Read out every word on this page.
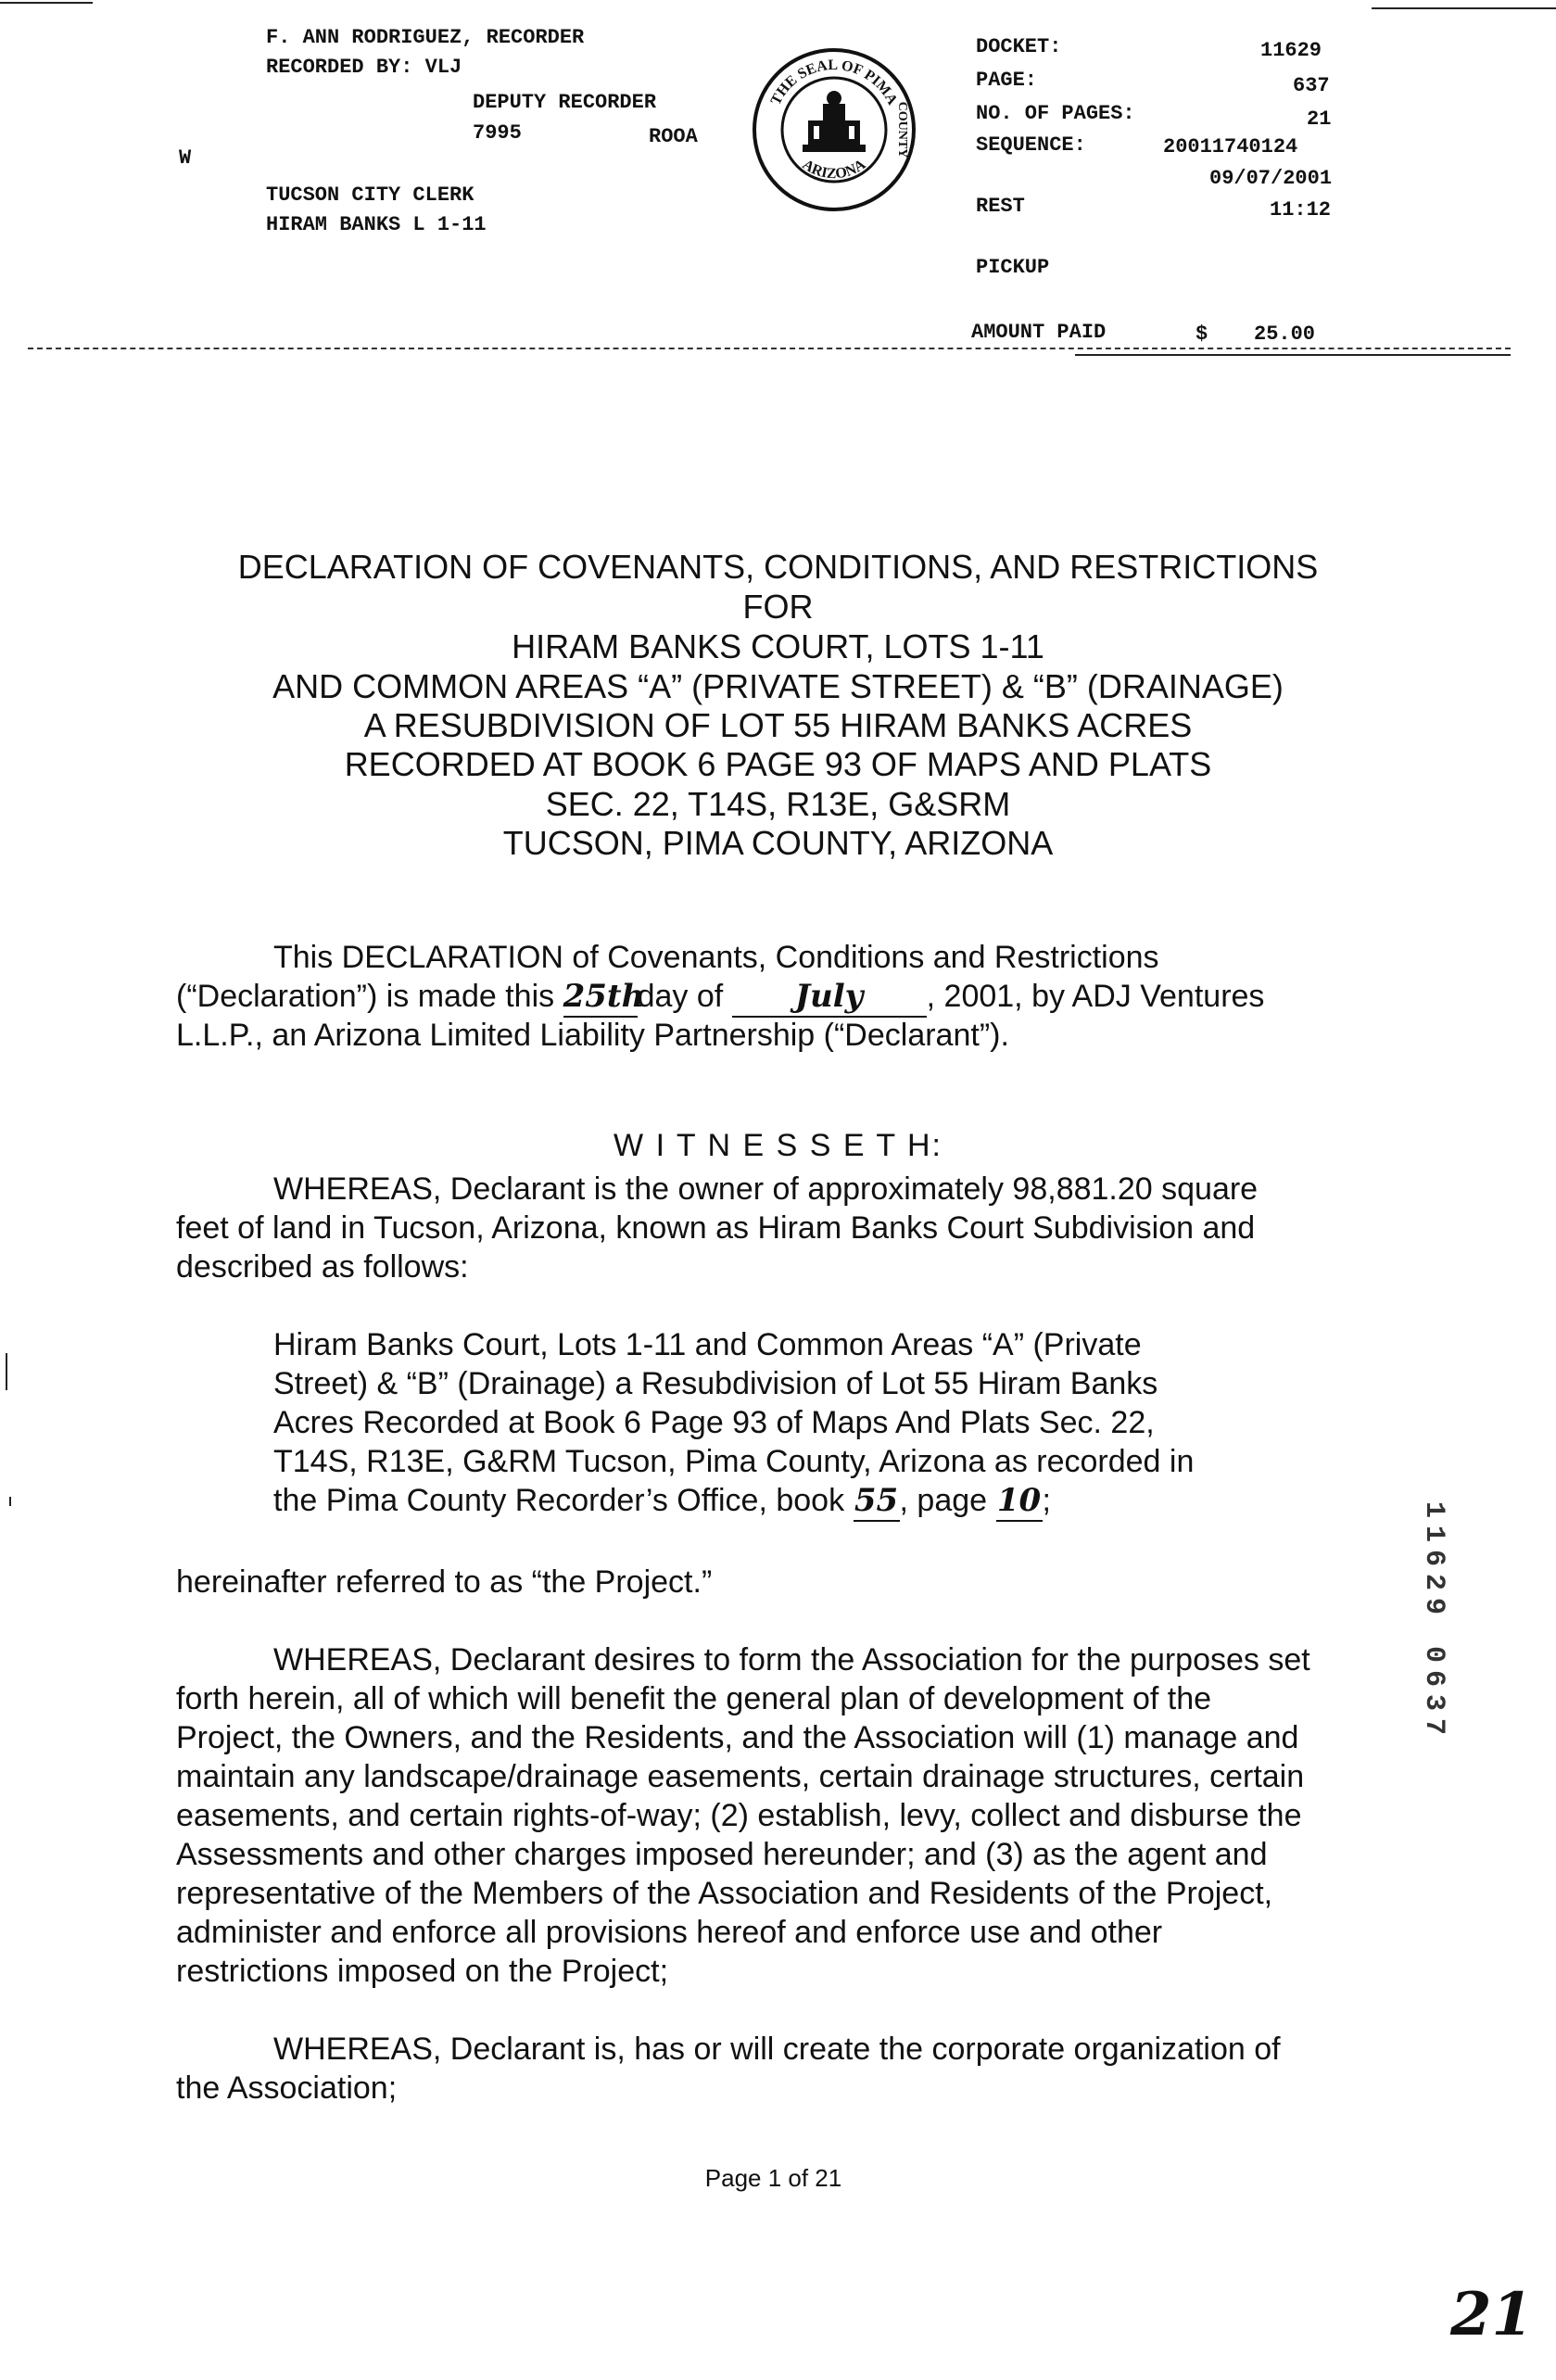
F. ANN RODRIGUEZ, RECORDER
RECORDED BY: VLJ
DEPUTY RECORDER
7995	ROOA
W
TUCSON CITY CLERK
HIRAM BANKS L 1-11
THE SEAL OF PIMA
COUNTY
ARIZONA
DOCKET:	11629
PAGE:	637
NO. OF PAGES:	21
SEQUENCE:	20011740124
09/07/2001
REST	11:12
PICKUP
AMOUNT PAID	$ 25.00
DECLARATION OF COVENANTS, CONDITIONS, AND RESTRICTIONS
FOR
HIRAM BANKS COURT, LOTS 1-11
AND COMMON AREAS “A” (PRIVATE STREET) & “B” (DRAINAGE)
A RESUBDIVISION OF LOT 55 HIRAM BANKS ACRES
RECORDED AT BOOK 6 PAGE 93 OF MAPS AND PLATS
SEC. 22, T14S, R13E, G&SRM
TUCSON, PIMA COUNTY, ARIZONA
This DECLARATION of Covenants, Conditions and Restrictions
(“Declaration”) is made this 25thday of July , 2001, by ADJ Ventures
L.L.P., an Arizona Limited Liability Partnership (“Declarant”).
W I T N E S S E T H:
WHEREAS, Declarant is the owner of approximately 98,881.20 square
feet of land in Tucson, Arizona, known as Hiram Banks Court Subdivision and
described as follows:
Hiram Banks Court, Lots 1-11 and Common Areas “A” (Private
Street) & “B” (Drainage) a Resubdivision of Lot 55 Hiram Banks
Acres Recorded at Book 6 Page 93 of Maps And Plats Sec. 22,
T14S, R13E, G&RM Tucson, Pima County, Arizona as recorded in
the Pima County Recorder’s Office, book 55, page 10;
hereinafter referred to as “the Project.”
WHEREAS, Declarant desires to form the Association for the purposes set
forth herein, all of which will benefit the general plan of development of the
Project, the Owners, and the Residents, and the Association will (1) manage and
maintain any landscape/drainage easements, certain drainage structures, certain
easements, and certain rights-of-way; (2) establish, levy, collect and disburse the
Assessments and other charges imposed hereunder; and (3) as the agent and
representative of the Members of the Association and Residents of the Project,
administer and enforce all provisions hereof and enforce use and other
restrictions imposed on the Project;
WHEREAS, Declarant is, has or will create the corporate organization of
the Association;
Page 1 of 21
11629 0637
21
